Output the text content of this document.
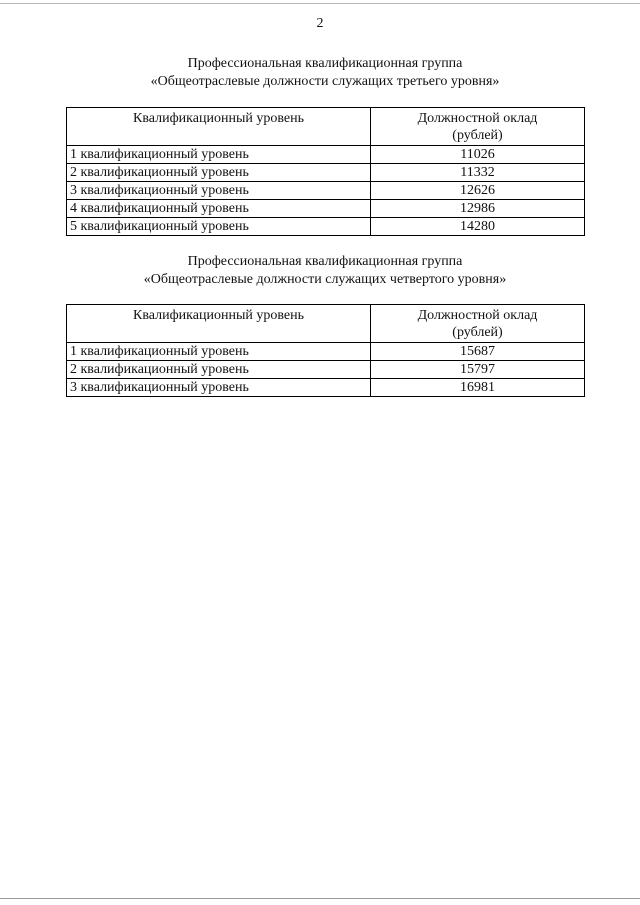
2
Профессиональная квалификационная группа
«Общеотраслевые должности служащих третьего уровня»
Квалификационный уровень	Должностной оклад
(рублей)
1 квалификационный уровень	11026
2 квалификационный уровень	11332
3 квалификационный уровень	12626
4 квалификационный уровень	12986
5 квалификационный уровень	14280
Профессиональная квалификационная группа
«Общеотраслевые должности служащих четвертого уровня»
Квалификационный уровень	Должностной оклад
(рублей)
1 квалификационный уровень	15687
2 квалификационный уровень	15797
3 квалификационный уровень	16981
